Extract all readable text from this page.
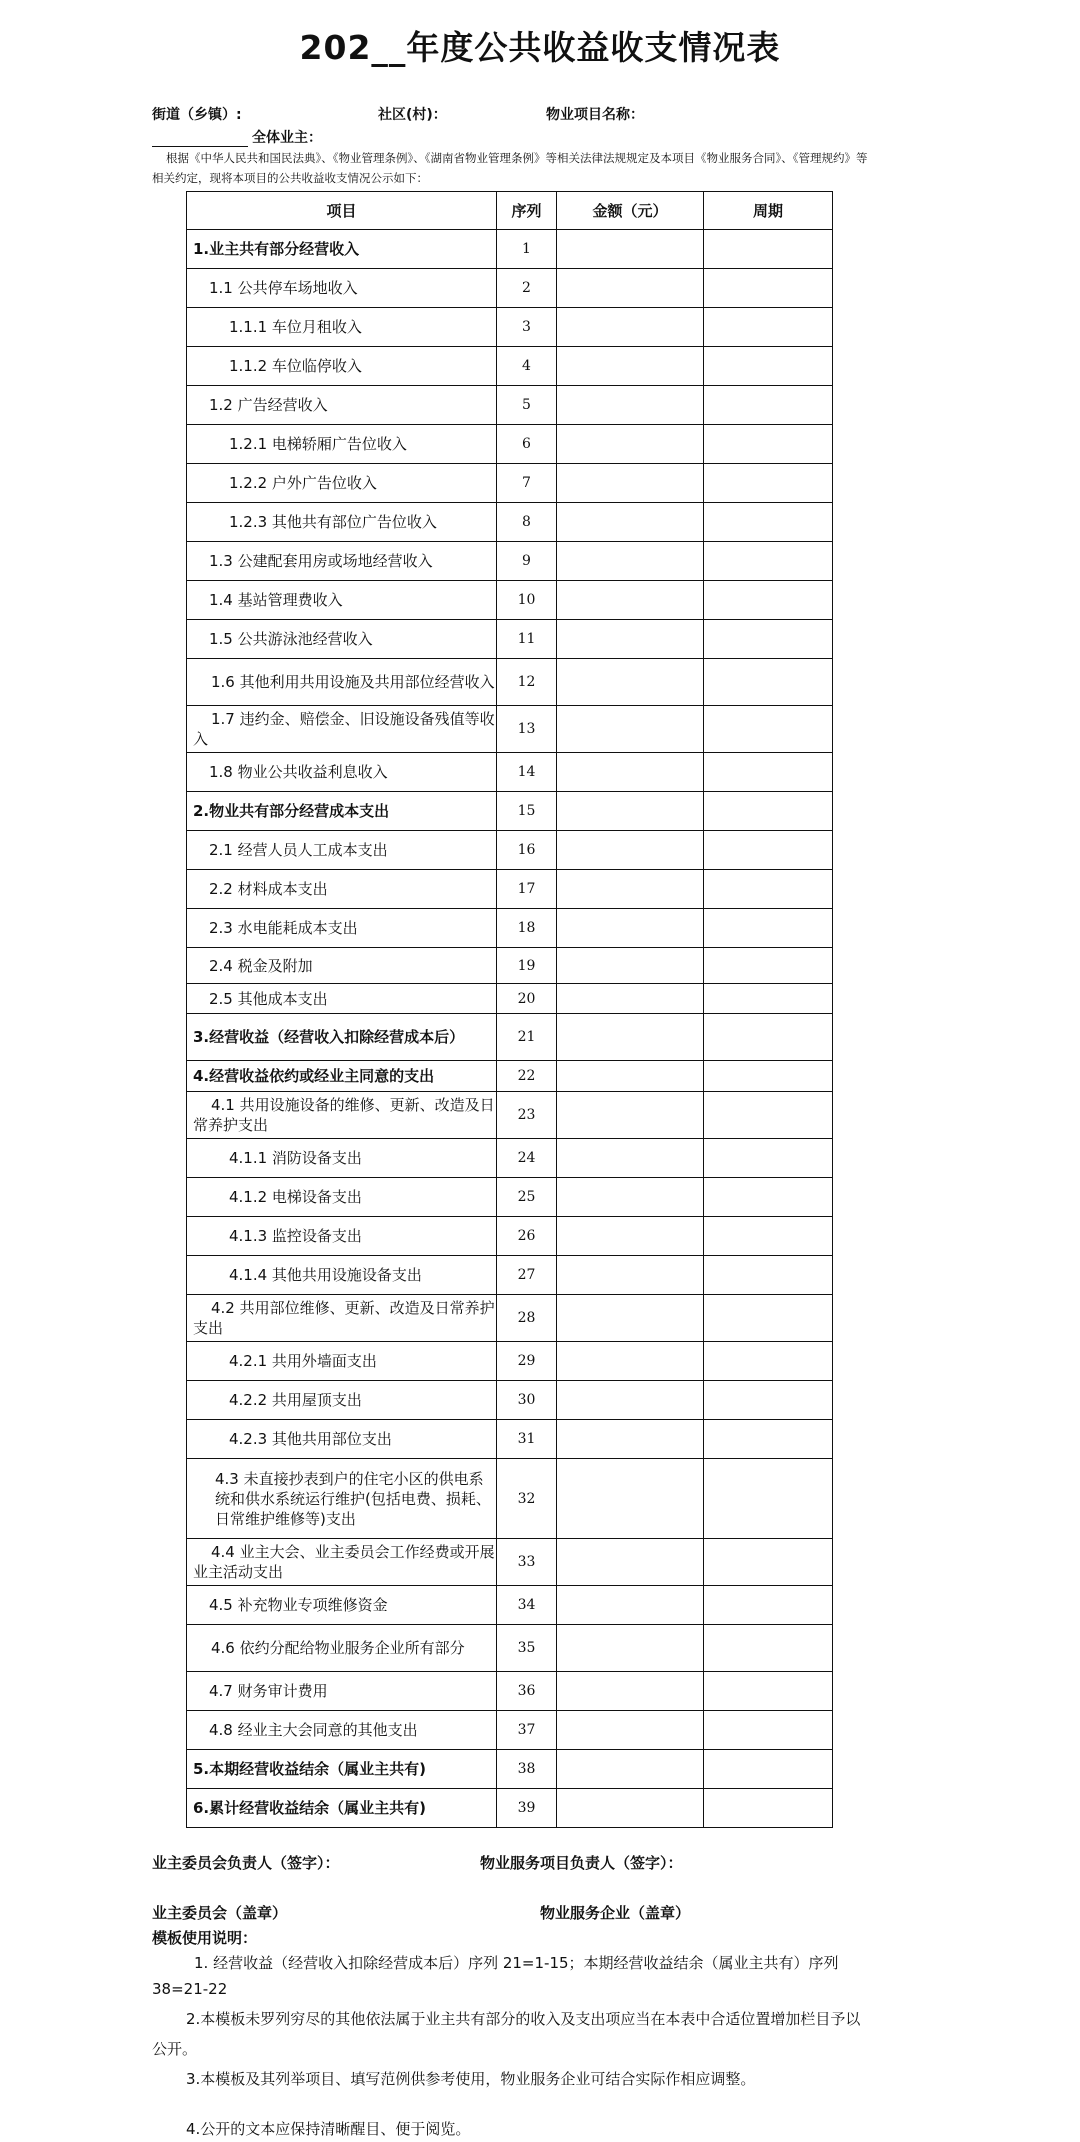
202__年度公共收益收支情况表
街道（乡镇）:	社区(村)：	物业项目名称：
全体业主：
根据《中华人民共和国民法典》、《物业管理条例》、《湖南省物业管理条例》等相关法律法规规定及本项目《物业服务合同》、《管理规约》等相关约定，现将本项目的公共收益收支情况公示如下：
项目	序列	金额（元）	周期
1.业主共有部分经营收入	1		
1.1 公共停车场地收入	2		
1.1.1 车位月租收入	3		
1.1.2 车位临停收入	4		
1.2 广告经营收入	5		
1.2.1 电梯轿厢广告位收入	6		
1.2.2 户外广告位收入	7		
1.2.3 其他共有部位广告位收入	8		
1.3 公建配套用房或场地经营收入	9		
1.4 基站管理费收入	10		
1.5 公共游泳池经营收入	11		
1.6 其他利用共用设施及共用部位经营收入	12		
1.7 违约金、赔偿金、旧设施设备残值等收入	13		
1.8 物业公共收益利息收入	14		
2.物业共有部分经营成本支出	15		
2.1 经营人员人工成本支出	16		
2.2 材料成本支出	17		
2.3 水电能耗成本支出	18		
2.4 税金及附加	19		
2.5 其他成本支出	20		
3.经营收益（经营收入扣除经营成本后）	21		
4.经营收益依约或经业主同意的支出	22		
4.1 共用设施设备的维修、更新、改造及日常养护支出	23		
4.1.1 消防设备支出	24		
4.1.2 电梯设备支出	25		
4.1.3 监控设备支出	26		
4.1.4 其他共用设施设备支出	27		
4.2 共用部位维修、更新、改造及日常养护支出	28		
4.2.1 共用外墙面支出	29		
4.2.2 共用屋顶支出	30		
4.2.3 其他共用部位支出	31		
4.3 未直接抄表到户的住宅小区的供电系统和供水系统运行维护(包括电费、损耗、日常维护维修等)支出	32		
4.4 业主大会、业主委员会工作经费或开展业主活动支出	33		
4.5 补充物业专项维修资金	34		
4.6 依约分配给物业服务企业所有部分	35		
4.7 财务审计费用	36		
4.8 经业主大会同意的其他支出	37		
5.本期经营收益结余（属业主共有)	38		
6.累计经营收益结余（属业主共有)	39		
业主委员会负责人（签字）：	物业服务项目负责人（签字）：
业主委员会（盖章）	物业服务企业（盖章）
模板使用说明：
1. 经营收益（经营收入扣除经营成本后）序列 21=1-15；本期经营收益结余（属业主共有）序列 38=21-22
2.本模板未罗列穷尽的其他依法属于业主共有部分的收入及支出项应当在本表中合适位置增加栏目予以公开。
3.本模板及其列举项目、填写范例供参考使用，物业服务企业可结合实际作相应调整。
4.公开的文本应保持清晰醒目、便于阅览。
